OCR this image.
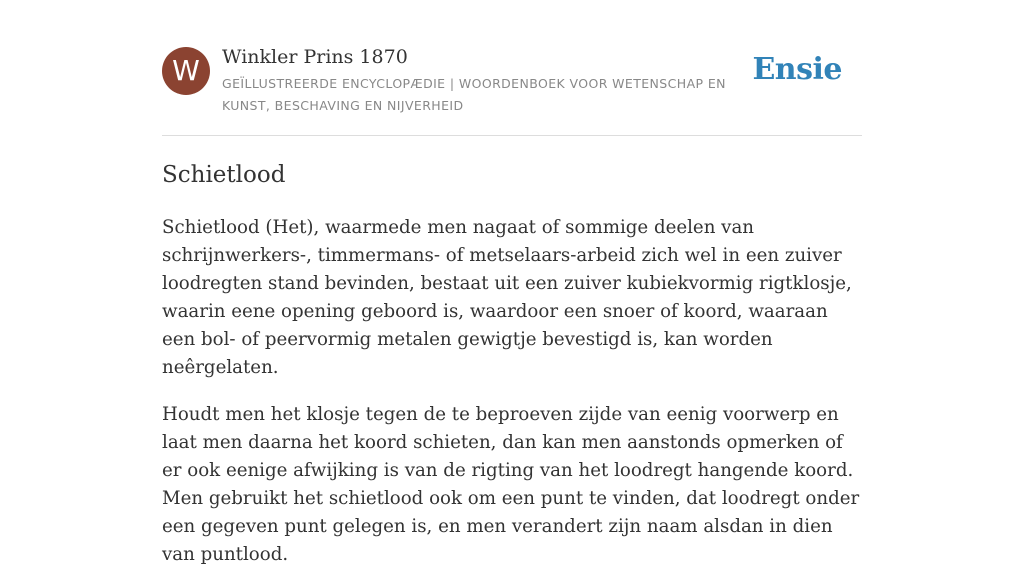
W	Winkler Prins 1870
GEÏLLUSTREERDE ENCYCLOPÆDIE | WOORDENBOEK VOOR WETENSCHAP EN KUNST, BESCHAVING EN NIJVERHEID
Ensie
Schietlood

Schietlood (Het), waarmede men nagaat of sommige deelen van schrijnwerkers-, timmermans- of metselaars-arbeid zich wel in een zuiver loodregten stand bevinden, bestaat uit een zuiver kubiekvormig rigtklosje, waarin eene opening geboord is, waardoor een snoer of koord, waaraan een bol- of peervormig metalen gewigtje bevestigd is, kan worden neêrgelaten.

Houdt men het klosje tegen de te beproeven zijde van eenig voorwerp en laat men daarna het koord schieten, dan kan men aanstonds opmerken of er ook eenige afwijking is van de rigting van het loodregt hangende koord. Men gebruikt het schietlood ook om een punt te vinden, dat loodregt onder een gegeven punt gelegen is, en men verandert zijn naam alsdan in dien van puntlood.
